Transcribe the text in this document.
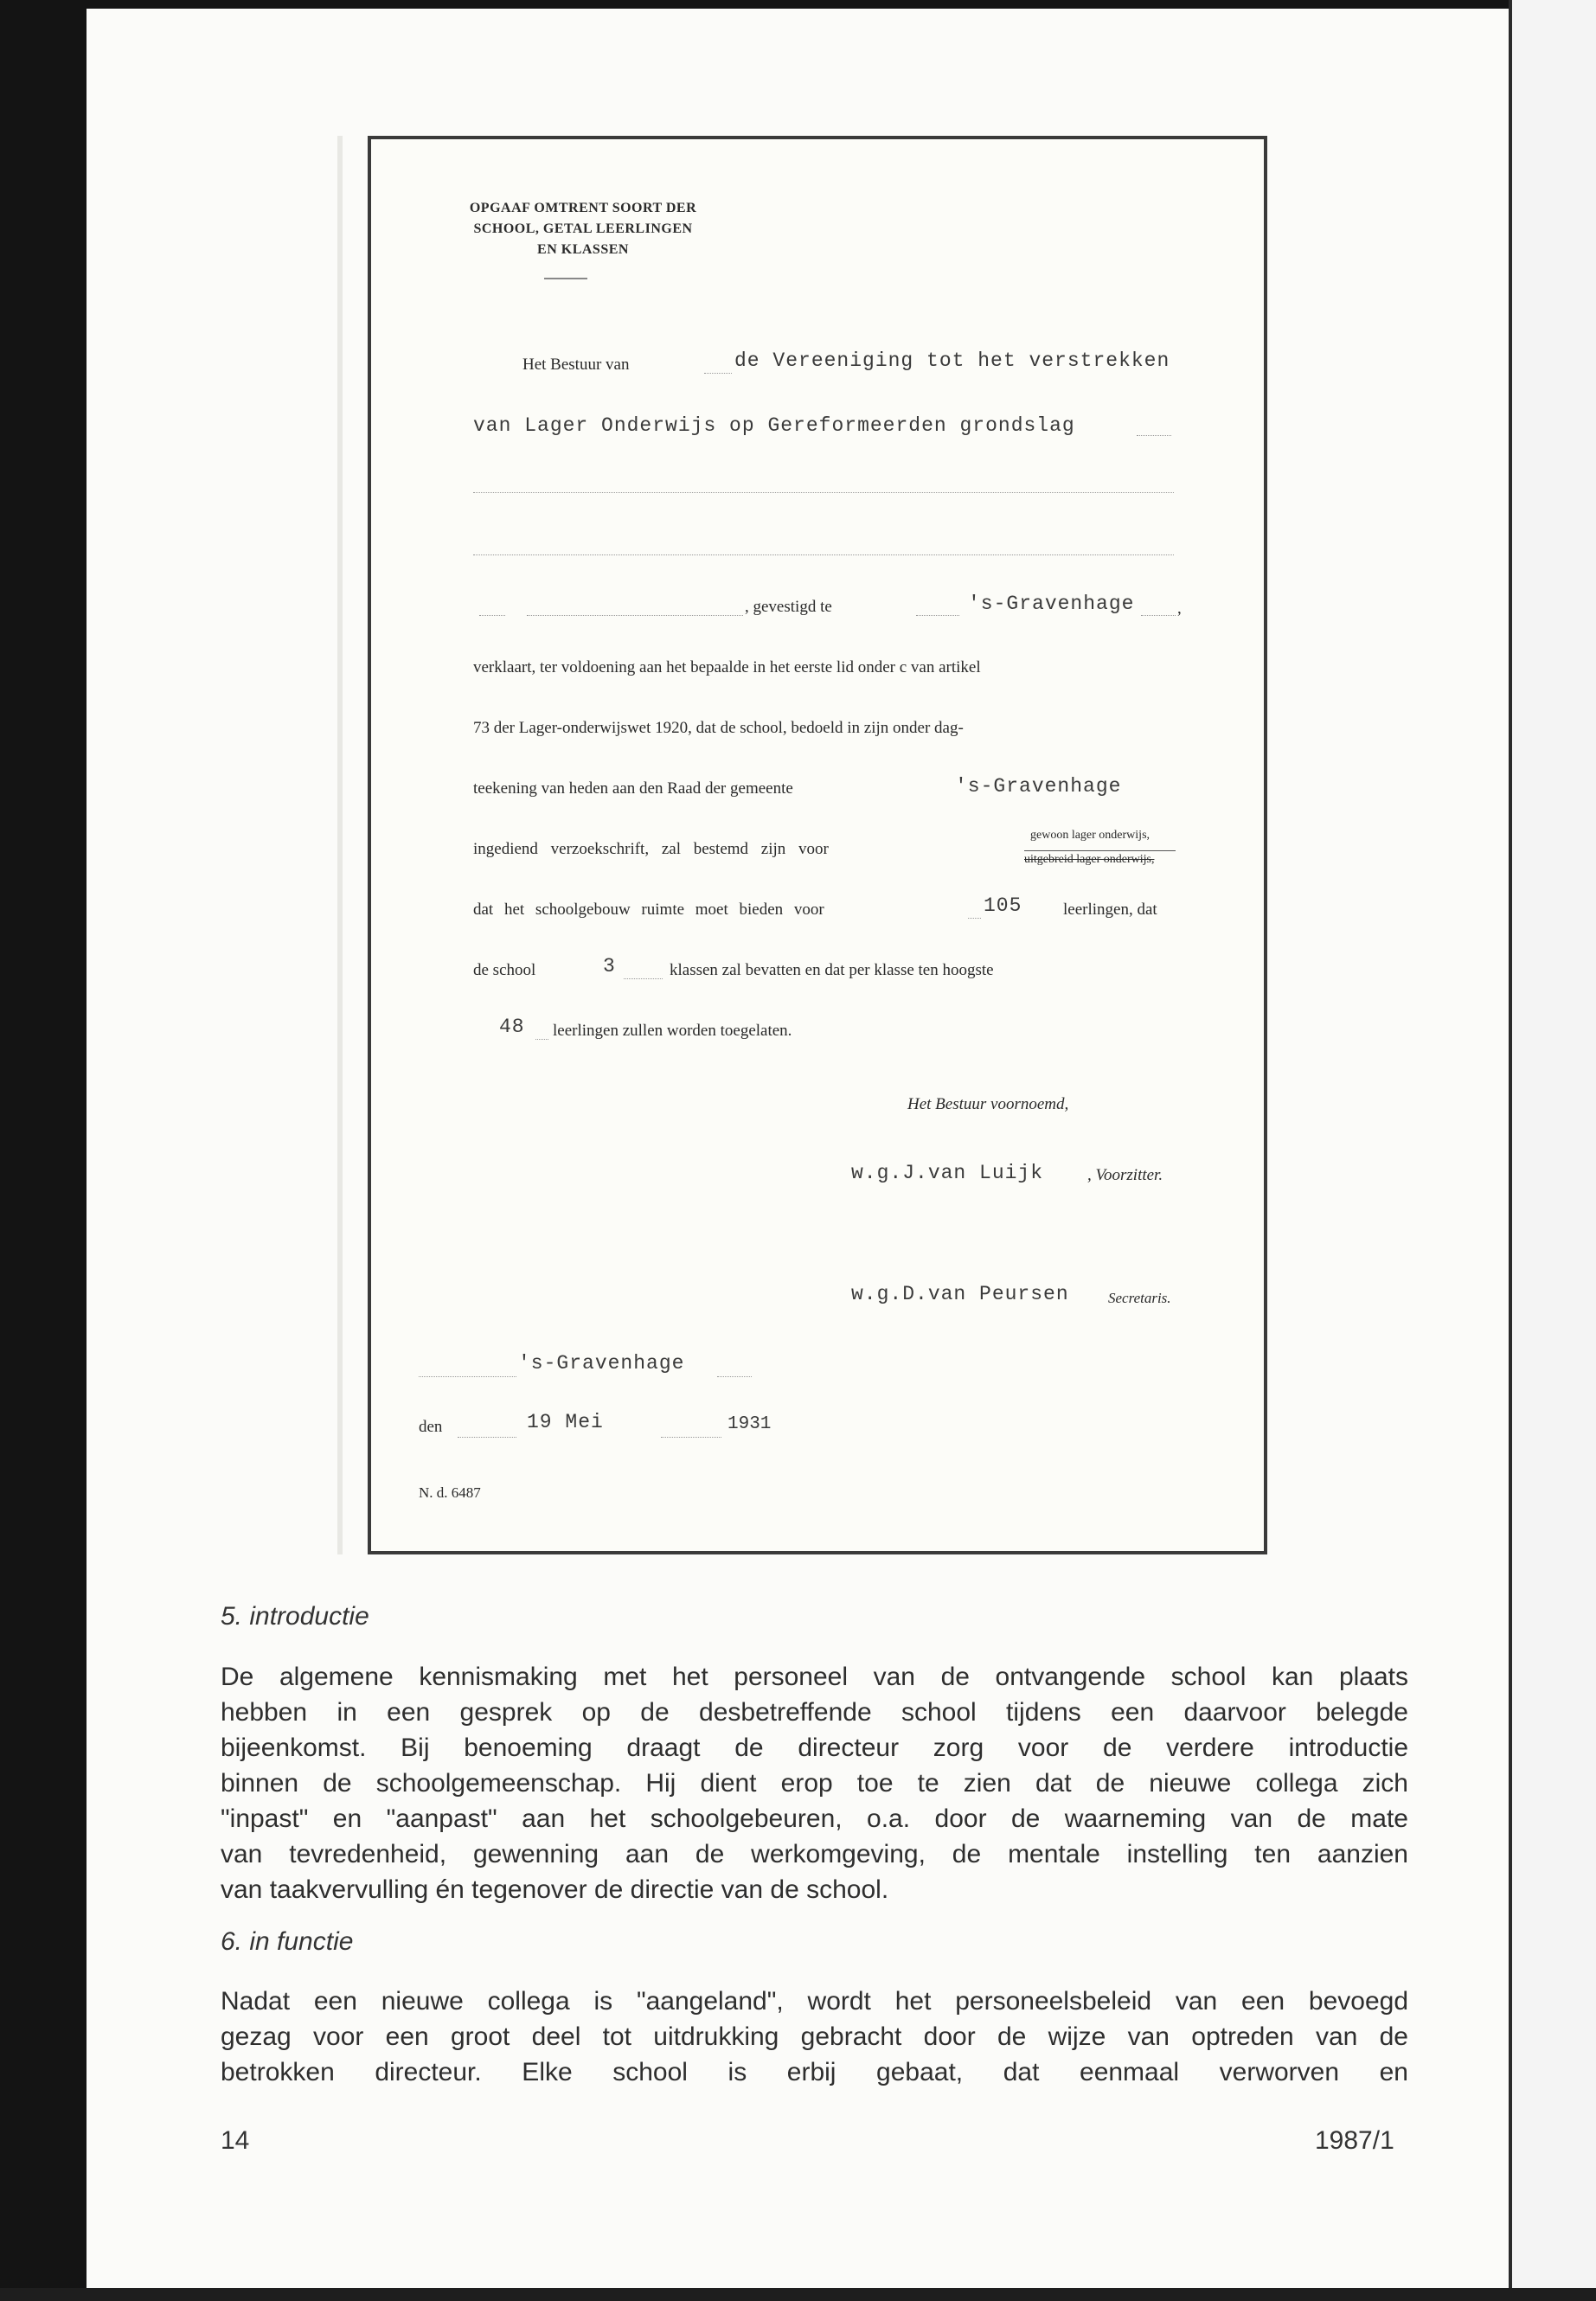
OPGAAF OMTRENT SOORT DER
SCHOOL, GETAL LEERLINGEN
EN KLASSEN
Het Bestuur van	de Vereeniging tot het verstrekken
van Lager Onderwijs op Gereformeerden grondslag
, gevestigd te	's-Gravenhage	,
verklaart, ter voldoening aan het bepaalde in het eerste lid onder c van artikel
73 der Lager-onderwijswet 1920, dat de school, bedoeld in zijn onder dag-
teekening van heden aan den Raad der gemeente	's-Gravenhage
ingediend verzoekschrift, zal bestemd zijn voor
gewoon lager onderwijs,
uitgebreid lager onderwijs,
dat het schoolgebouw ruimte moet bieden voor	105	leerlingen, dat
de school	3	klassen zal bevatten en dat per klasse ten hoogste
48 leerlingen zullen worden toegelaten.
Het Bestuur voornoemd,
w.g.J.van Luijk	, Voorzitter.
w.g.D.van Peursen	Secretaris.
's-Gravenhage
den	19 Mei	1931
N. d. 6487
5. introductie
De algemene kennismaking met het personeel van de ontvangende school kan plaats
hebben in een gesprek op de desbetreffende school tijdens een daarvoor belegde
bijeenkomst. Bij benoeming draagt de directeur zorg voor de verdere introductie
binnen de schoolgemeenschap. Hij dient erop toe te zien dat de nieuwe collega zich
"inpast" en "aanpast" aan het schoolgebeuren, o.a. door de waarneming van de mate
van tevredenheid, gewenning aan de werkomgeving, de mentale instelling ten aanzien
van taakvervulling én tegenover de directie van de school.
6. in functie
Nadat een nieuwe collega is "aangeland", wordt het personeelsbeleid van een bevoegd
gezag voor een groot deel tot uitdrukking gebracht door de wijze van optreden van de
betrokken directeur. Elke school is erbij gebaat, dat eenmaal verworven en
14	1987/1
